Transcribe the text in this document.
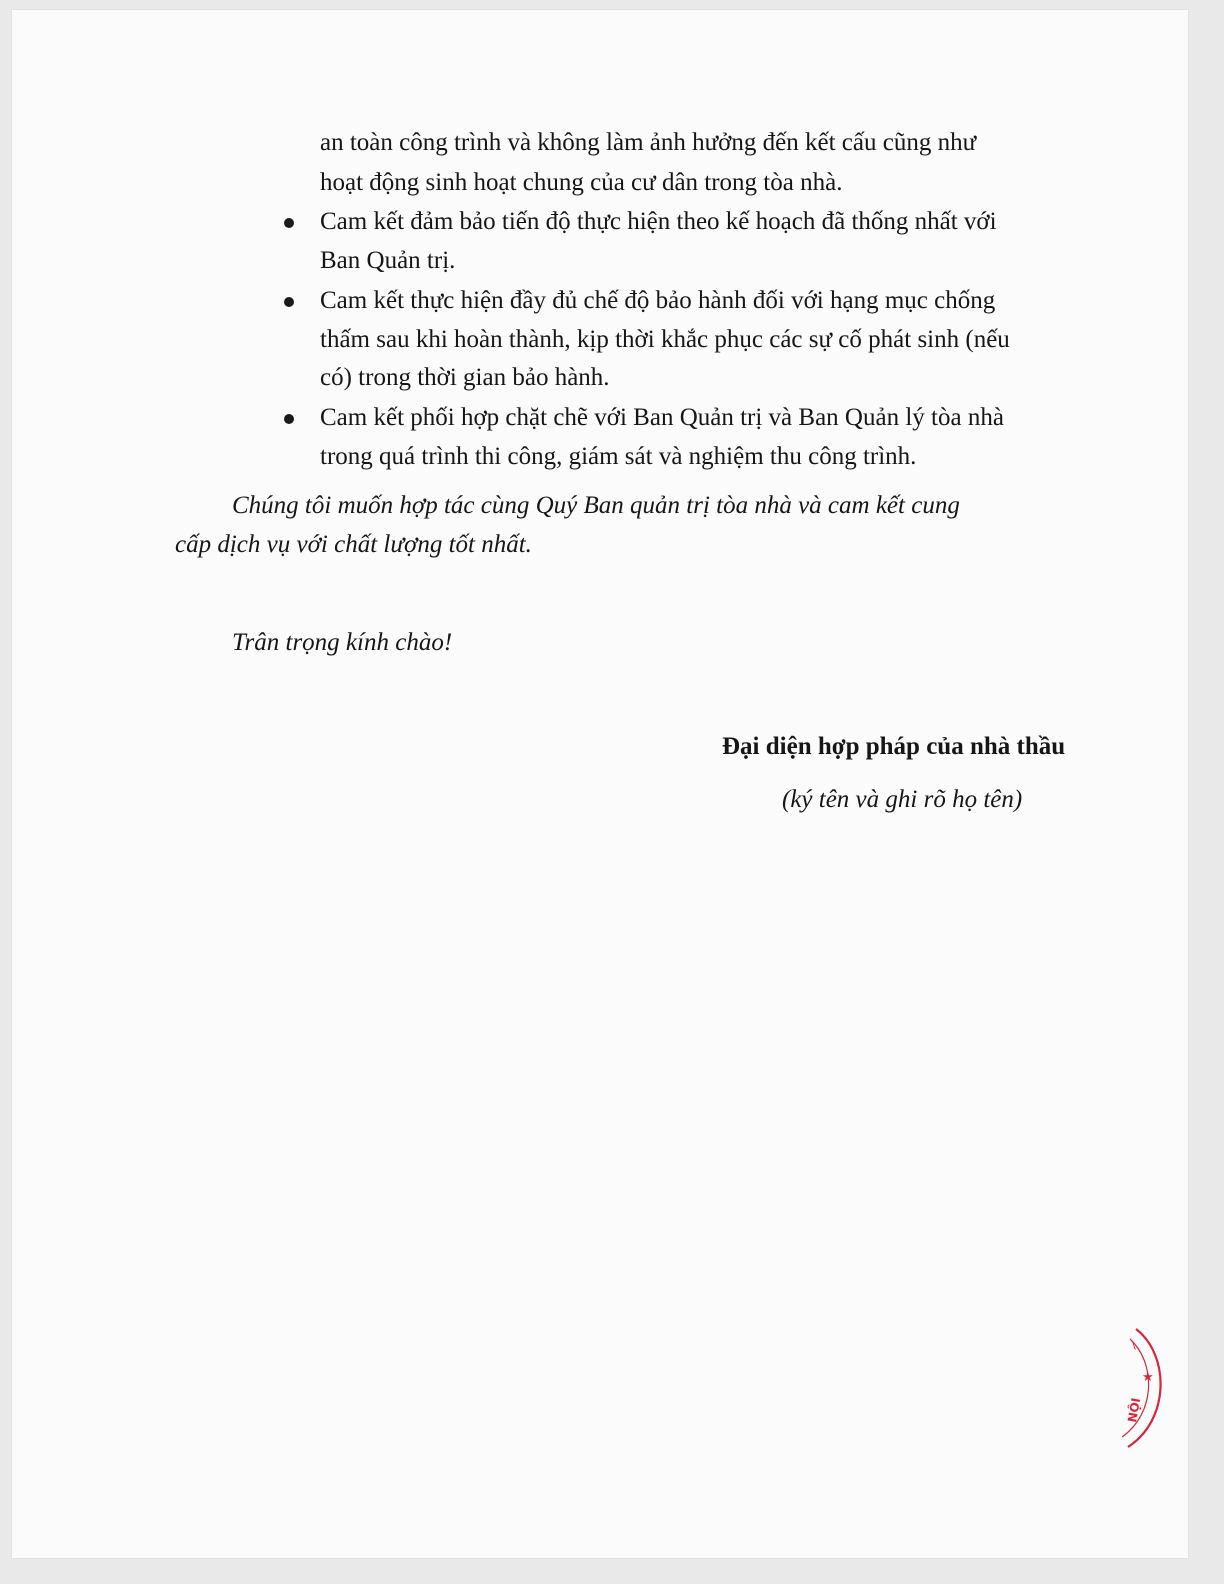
an toàn công trình và không làm ảnh hưởng đến kết cấu cũng như
hoạt động sinh hoạt chung của cư dân trong tòa nhà.
Cam kết đảm bảo tiến độ thực hiện theo kế hoạch đã thống nhất với
Ban Quản trị.
Cam kết thực hiện đầy đủ chế độ bảo hành đối với hạng mục chống
thấm sau khi hoàn thành, kịp thời khắc phục các sự cố phát sinh (nếu
có) trong thời gian bảo hành.
Cam kết phối hợp chặt chẽ với Ban Quản trị và Ban Quản lý tòa nhà
trong quá trình thi công, giám sát và nghiệm thu công trình.
Chúng tôi muốn hợp tác cùng Quý Ban quản trị tòa nhà và cam kết cung
cấp dịch vụ với chất lượng tốt nhất.
Trân trọng kính chào!
Đại diện hợp pháp của nhà thầu
(ký tên và ghi rõ họ tên)
★
NỘI
\
